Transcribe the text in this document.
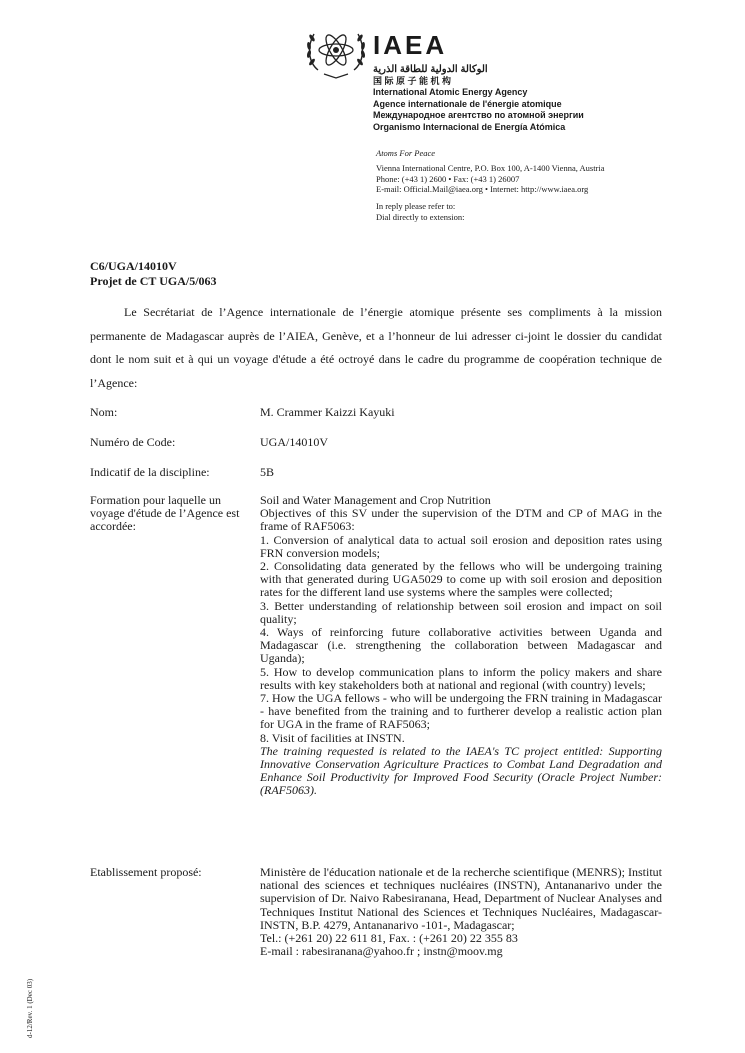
IAEA
الوكالة الدولية للطاقة الذرية
国 际 原 子 能 机 构
International Atomic Energy Agency
Agence internationale de l'énergie atomique
Международное агентство по атомной энергии
Organismo Internacional de Energía Atómica
Atoms For Peace
Vienna International Centre, P.O. Box 100, A-1400 Vienna, Austria
Phone: (+43 1) 2600 • Fax: (+43 1) 26007
E-mail: Official.Mail@iaea.org • Internet: http://www.iaea.org
In reply please refer to:
Dial directly to extension:
C6/UGA/14010V
Projet de CT UGA/5/063

Le Secrétariat de l’Agence internationale de l’énergie atomique présente ses compliments à la mission permanente de Madagascar auprès de l’AIEA, Genève, et a l’honneur de lui adresser ci-joint le dossier du candidat dont le nom suit et à qui un voyage d'étude a été octroyé dans le cadre du programme de coopération technique de l’Agence:

Nom:	M. Crammer Kaizzi Kayuki
Numéro de Code:	UGA/14010V
Indicatif de la discipline:	5B
Formation pour laquelle un voyage d'étude de l’Agence est accordée:

Soil and Water Management and Crop Nutrition

Objectives of this SV under the supervision of the DTM and CP of MAG in the frame of RAF5063:

1. Conversion of analytical data to actual soil erosion and deposition rates using FRN conversion models;

2. Consolidating data generated by the fellows who will be undergoing training with that generated during UGA5029 to come up with soil erosion and deposition rates for the different land use systems where the samples were collected;

3. Better understanding of relationship between soil erosion and impact on soil quality;

4. Ways of reinforcing future collaborative activities between Uganda and Madagascar (i.e. strengthening the collaboration between Madagascar and Uganda);

5. How to develop communication plans to inform the policy makers and share results with key stakeholders both at national and regional (with country) levels;

7. How the UGA fellows - who will be undergoing the FRN training in Madagascar - have benefited from the training and to furtherer develop a realistic action plan for UGA in the frame of RAF5063;

8. Visit of facilities at INSTN.

The training requested is related to the IAEA's TC project entitled: Supporting Innovative Conservation Agriculture Practices to Combat Land Degradation and Enhance Soil Productivity for Improved Food Security (Oracle Project Number: (RAF5063).

Etablissement proposé:	Ministère de l'éducation nationale et de la recherche scientifique (MENRS); Institut national des sciences et techniques nucléaires (INSTN), Antananarivo under the supervision of Dr. Naivo Rabesiranana, Head, Department of Nuclear Analyses and Techniques Institut National des Sciences et Techniques Nucléaires, Madagascar-INSTN, B.P. 4279, Antananarivo -101-, Madagascar;

Tel.: (+261 20) 22 611 81, Fax. : (+261 20) 22 355 83

E-mail : rabesiranana@yahoo.fr ; instn@moov.mg

d-12/Rev. 1 (Dec 03)
